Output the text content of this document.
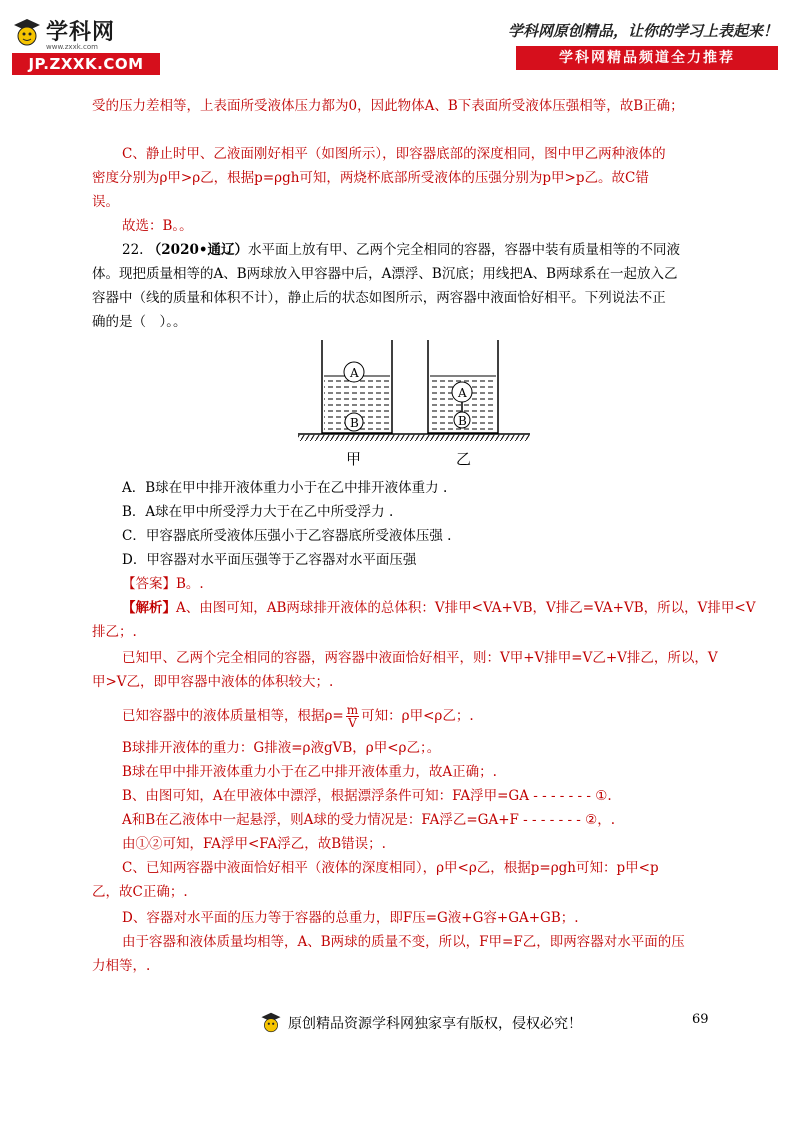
学科网
www.zxxk.com
JP.ZXXK.COM
学科网原创精品，让你的学习上表起来！
学科网精品频道全力推荐
受的压力差相等，上表面所受液体压力都为0，因此物体A、B下表面所受液体压强相等，故B正确；
C、静止时甲、乙液面刚好相平（如图所示），即容器底部的深度相同，图中甲乙两种液体的
密度分别为ρ甲>ρ乙，根据p=ρgh可知，两烧杯底部所受液体的压强分别为p甲>p乙。故C错
误。
故选：B。。
22. （2020•通辽）水平面上放有甲、乙两个完全相同的容器，容器中装有质量相等的不同液
体。现把质量相等的A、B两球放入甲容器中后，A漂浮、B沉底；用线把A、B两球系在一起放入乙
容器中（线的质量和体积不计），静止后的状态如图所示，两容器中液面恰好相平。下列说法不正
确的是（　）。。
A
B
A
B
甲	乙
A．B球在甲中排开液体重力小于在乙中排开液体重力 .
B．A球在甲中所受浮力大于在乙中所受浮力 .
C．甲容器底所受液体压强小于乙容器底所受液体压强 .
D．甲容器对水平面压强等于乙容器对水平面压强
【答案】B。.
【解析】A、由图可知，AB两球排开液体的总体积：V排甲<VA+VB，V排乙=VA+VB，所以，V排甲<V
排乙；.
已知甲、乙两个完全相同的容器，两容器中液面恰好相平，则：V甲+V排甲=V乙+V排乙，所以，V
甲>V乙，即甲容器中液体的体积较大；.
已知容器中的液体质量相等，根据$\rho= \frac{m}{V}$ 可知：ρ甲<ρ乙；.
B球排开液体的重力：G排液=ρ液gVB，ρ甲<ρ乙；。
B球在甲中排开液体重力小于在乙中排开液体重力，故A正确；.
B、由图可知，A在甲液体中漂浮，根据漂浮条件可知：FA浮甲=GA - - - - - - - ①.
A和B在乙液体中一起悬浮，则A球的受力情况是：FA浮乙=GA+F - - - - - - - ②，.
由①②可知，FA浮甲<FA浮乙，故B错误；.
C、已知两容器中液面恰好相平（液体的深度相同），ρ甲<ρ乙，根据p=ρgh可知：p甲<p
乙，故C正确；.
D、容器对水平面的压力等于容器的总重力，即F压=G液+G容+GA+GB；.
由于容器和液体质量均相等，A、B两球的质量不变，所以，F甲=F乙，即两容器对水平面的压
力相等，.
原创精品资源学科网独家享有版权，侵权必究！	69
